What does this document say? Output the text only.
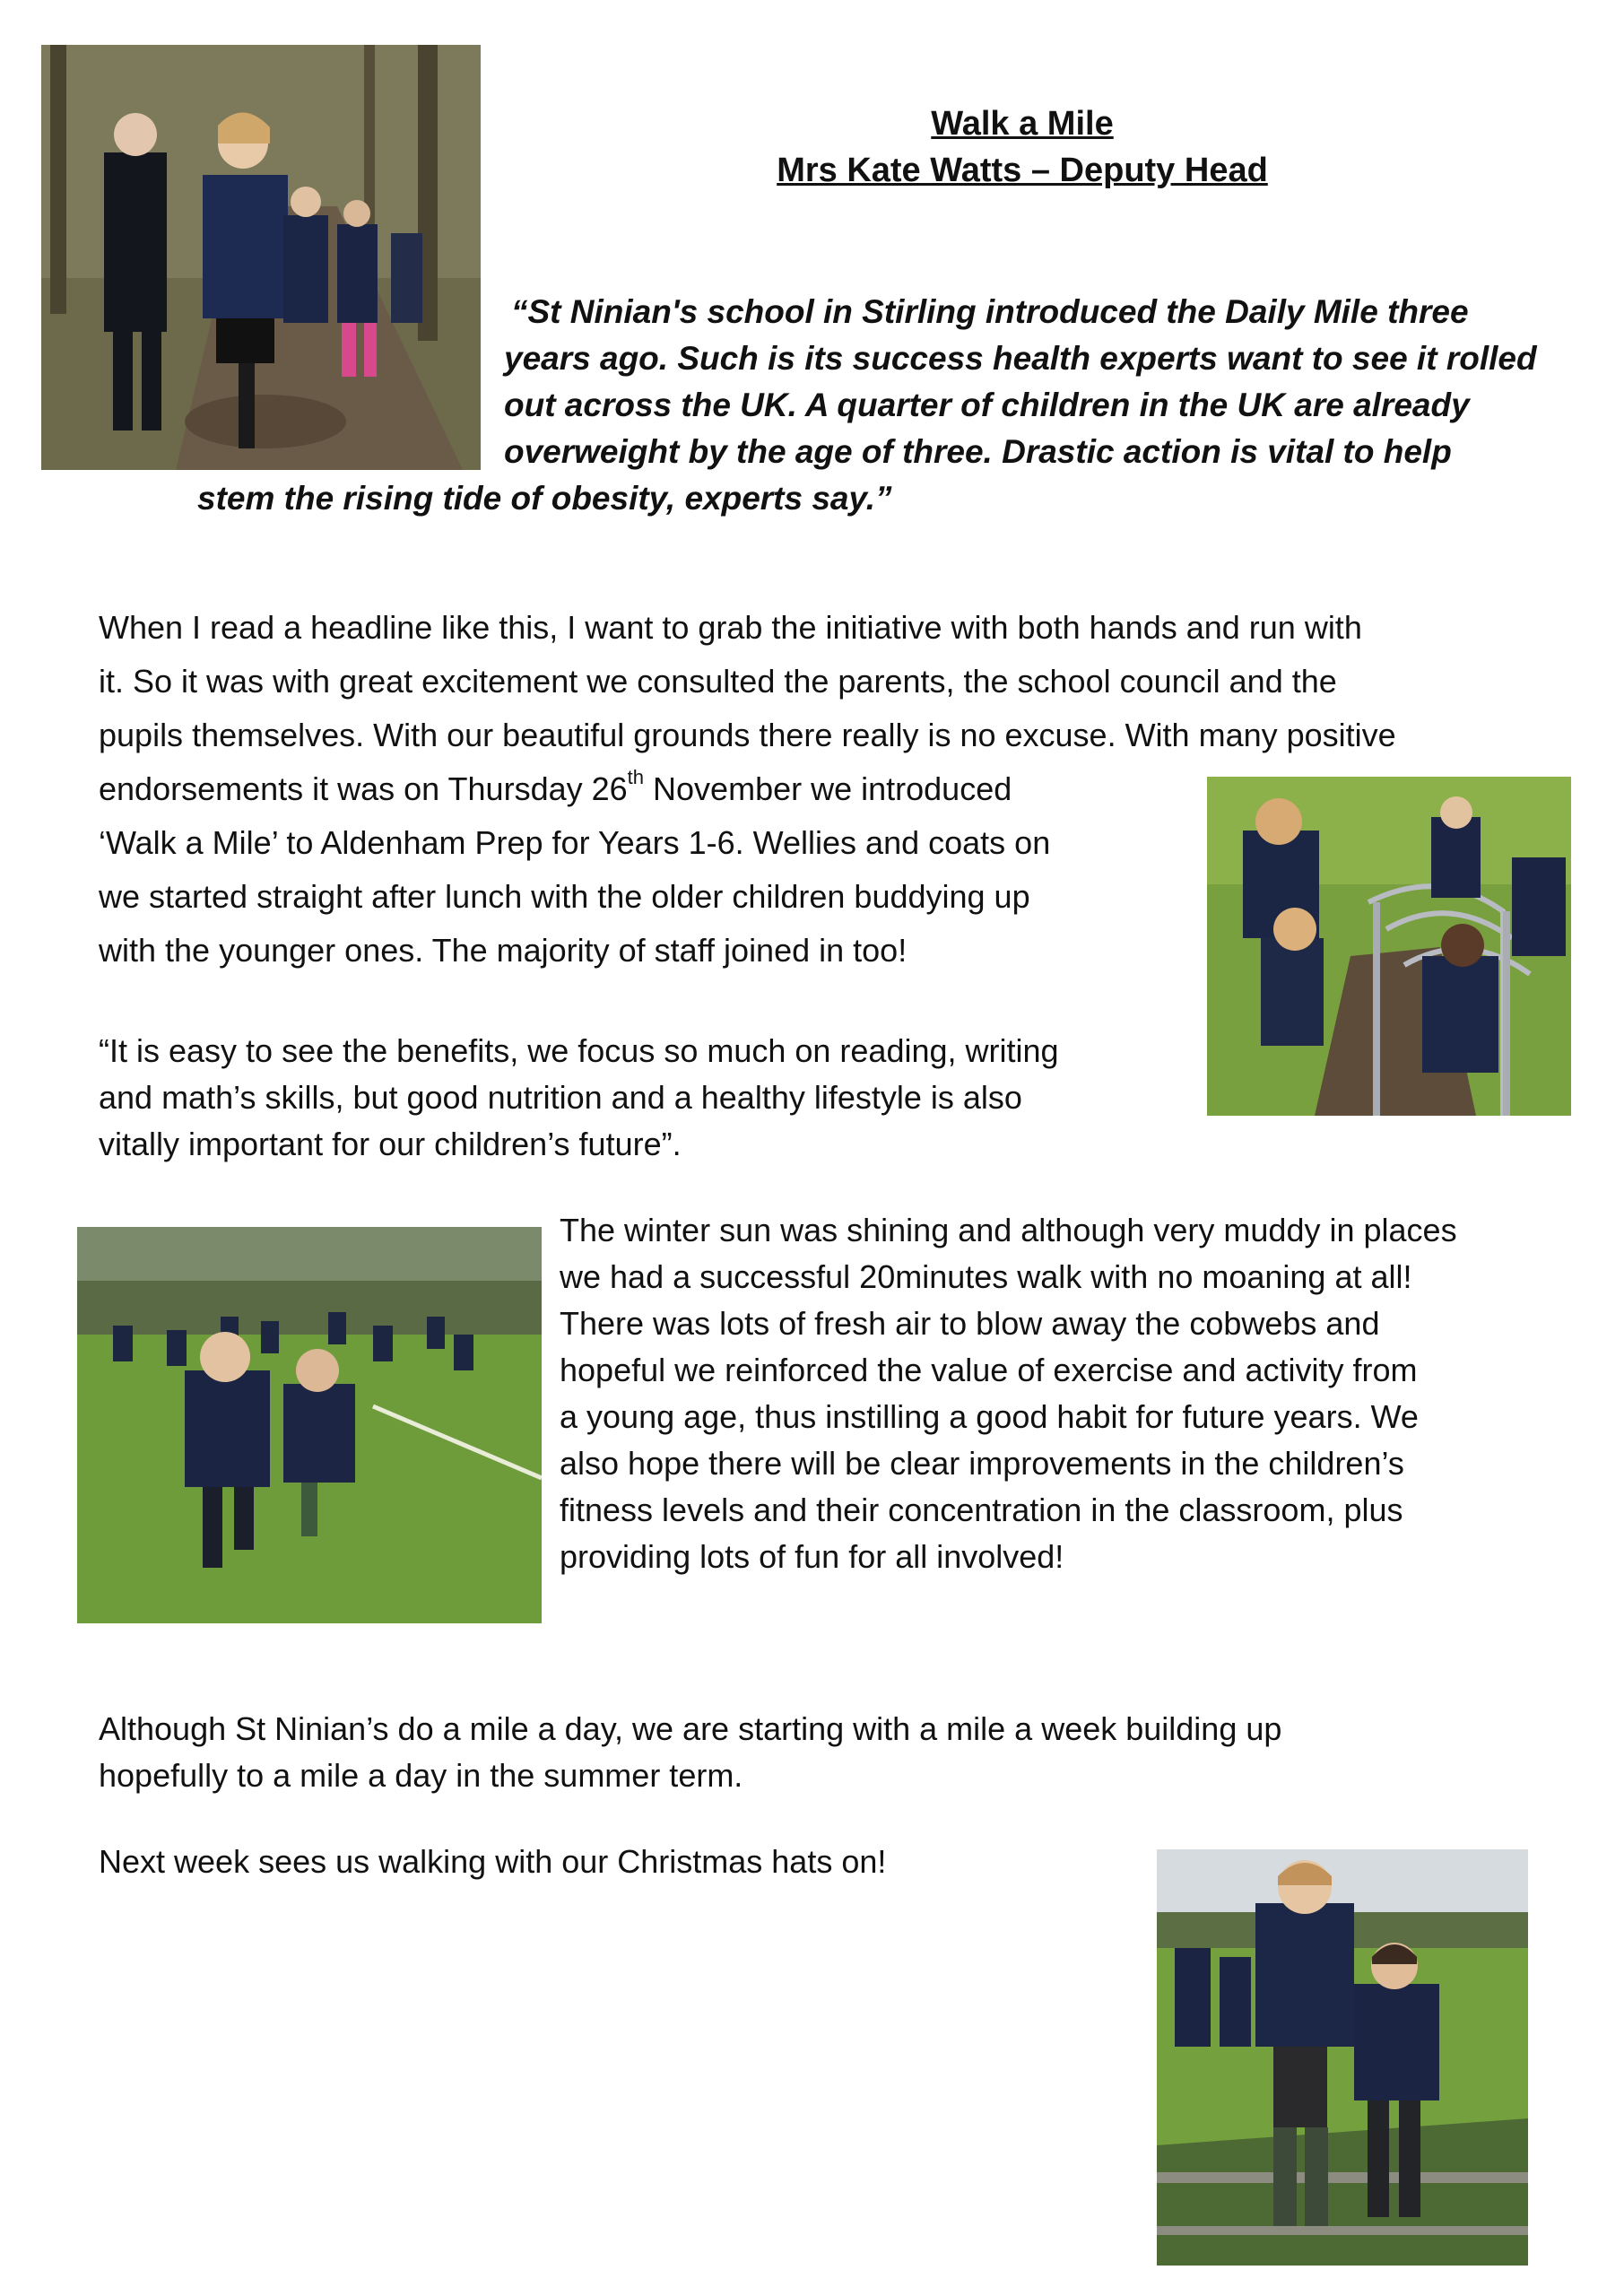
Walk a Mile
Mrs Kate Watts – Deputy Head

“St Ninian's school in Stirling introduced the Daily Mile three

years ago. Such is its success health experts want to see it rolled

out across the UK. A quarter of children in the UK are already

overweight by the age of three. Drastic action is vital to help

stem the rising tide of obesity, experts say.”

When I read a headline like this, I want to grab the initiative with both hands and run with

it. So it was with great excitement we consulted the parents, the school council and the

pupils themselves. With our beautiful grounds there really is no excuse. With many positive

endorsements it was on Thursday 26th November we introduced

‘Walk a Mile’ to Aldenham Prep for Years 1-6. Wellies and coats on

we started straight after lunch with the older children buddying up

with the younger ones. The majority of staff joined in too!

“It is easy to see the benefits, we focus so much on reading, writing

and math’s skills, but good nutrition and a healthy lifestyle is also

vitally important for our children’s future”.

The winter sun was shining and although very muddy in places

we had a successful 20minutes walk with no moaning at all!

There was lots of fresh air to blow away the cobwebs and

hopeful we reinforced the value of exercise and activity from

a young age, thus instilling a good habit for future years. We

also hope there will be clear improvements in the children’s

fitness levels and their concentration in the classroom, plus

providing lots of fun for all involved!

Although St Ninian’s do a mile a day, we are starting with a mile a week building up

hopefully to a mile a day in the summer term.

Next week sees us walking with our Christmas hats on!
